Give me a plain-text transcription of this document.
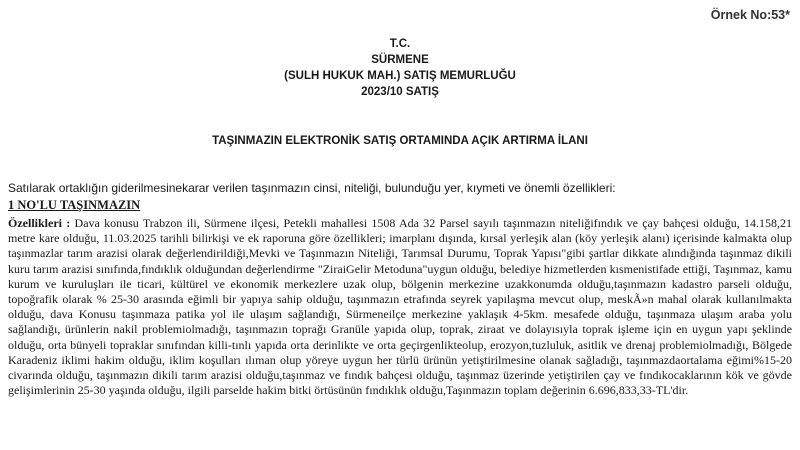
Örnek No:53*
T.C.
SÜRMENE
(SULH HUKUK MAH.) SATIŞ MEMURLUĞU
2023/10 SATIŞ
TAŞINMAZIN ELEKTRONİK SATIŞ ORTAMINDA AÇIK ARTIRMA İLANI
Satılarak ortaklığın giderilmesinekarar verilen taşınmazın cinsi, niteliği, bulunduğu yer, kıymeti ve önemli özellikleri:
1 NO'LU TAŞINMAZIN
Özellikleri : Dava konusu Trabzon ili, Sürmene ilçesi, Petekli mahallesi 1508 Ada 32 Parsel sayılı taşınmazın niteliğifındık ve çay bahçesi olduğu, 14.158,21 metre kare olduğu, 11.03.2025 tarihli bilirkişi ve ek raporuna göre özellikleri; imarplanı dışında, kırsal yerleşik alan (köy yerleşik alanı) içerisinde kalmakta olup taşınmazlar tarım arazisi olarak değerlendirildiği,Mevki ve Taşınmazın Niteliği, Tarımsal Durumu, Toprak Yapısı"gibi şartlar dikkate alındığında taşınmaz dikili kuru tarım arazisi sınıfında,fındıklık olduğundan değerlendirme "ZiraiGelir Metoduna"uygun olduğu, belediye hizmetlerden kısmenistifade ettiği, Taşınmaz, kamu kurum ve kuruluşları ile ticari, kültürel ve ekonomik merkezlere uzak olup, bölgenin merkezine uzakkonumda olduğu,taşınmazın kadastro parseli olduğu, topoğrafik olarak % 25-30 arasında eğimli bir yapıya sahip olduğu, taşınmazın etrafında seyrek yapılaşma mevcut olup, meskÃ»n mahal olarak kullanılmakta olduğu, dava Konusu taşınmaza patika yol ile ulaşım sağlandığı, Sürmeneilçe merkezine yaklaşık 4-5km. mesafede olduğu, taşınmaza ulaşım araba yolu sağlandığı, ürünlerin nakil problemiolmadığı, taşınmazın toprağı Granüle yapıda olup, toprak, ziraat ve dolayısıyla toprak işleme için en uygun yapı şeklinde olduğu, orta bünyeli topraklar sınıfından killi-tınlı yapıda orta derinlikte ve orta geçirgenlikteolup, erozyon,tuzluluk, asitlik ve drenaj problemiolmadığı, Bölgede Karadeniz iklimi hakim olduğu, iklim koşulları ılıman olup yöreye uygun her türlü ürünün yetiştirilmesine olanak sağladığı, taşınmazdaortalama eğimi%15-20 civarında olduğu, taşınmazın dikili tarım arazisi olduğu,taşınmaz ve fındık bahçesi olduğu, taşınmaz üzerinde yetiştirilen çay ve fındıkocaklarının kök ve gövde gelişimlerinin 25-30 yaşında olduğu, ilgili parselde hakim bitki örtüsünün fındıklık olduğu,Taşınmazın toplam değerinin 6.696,833,33-TL'dir.
